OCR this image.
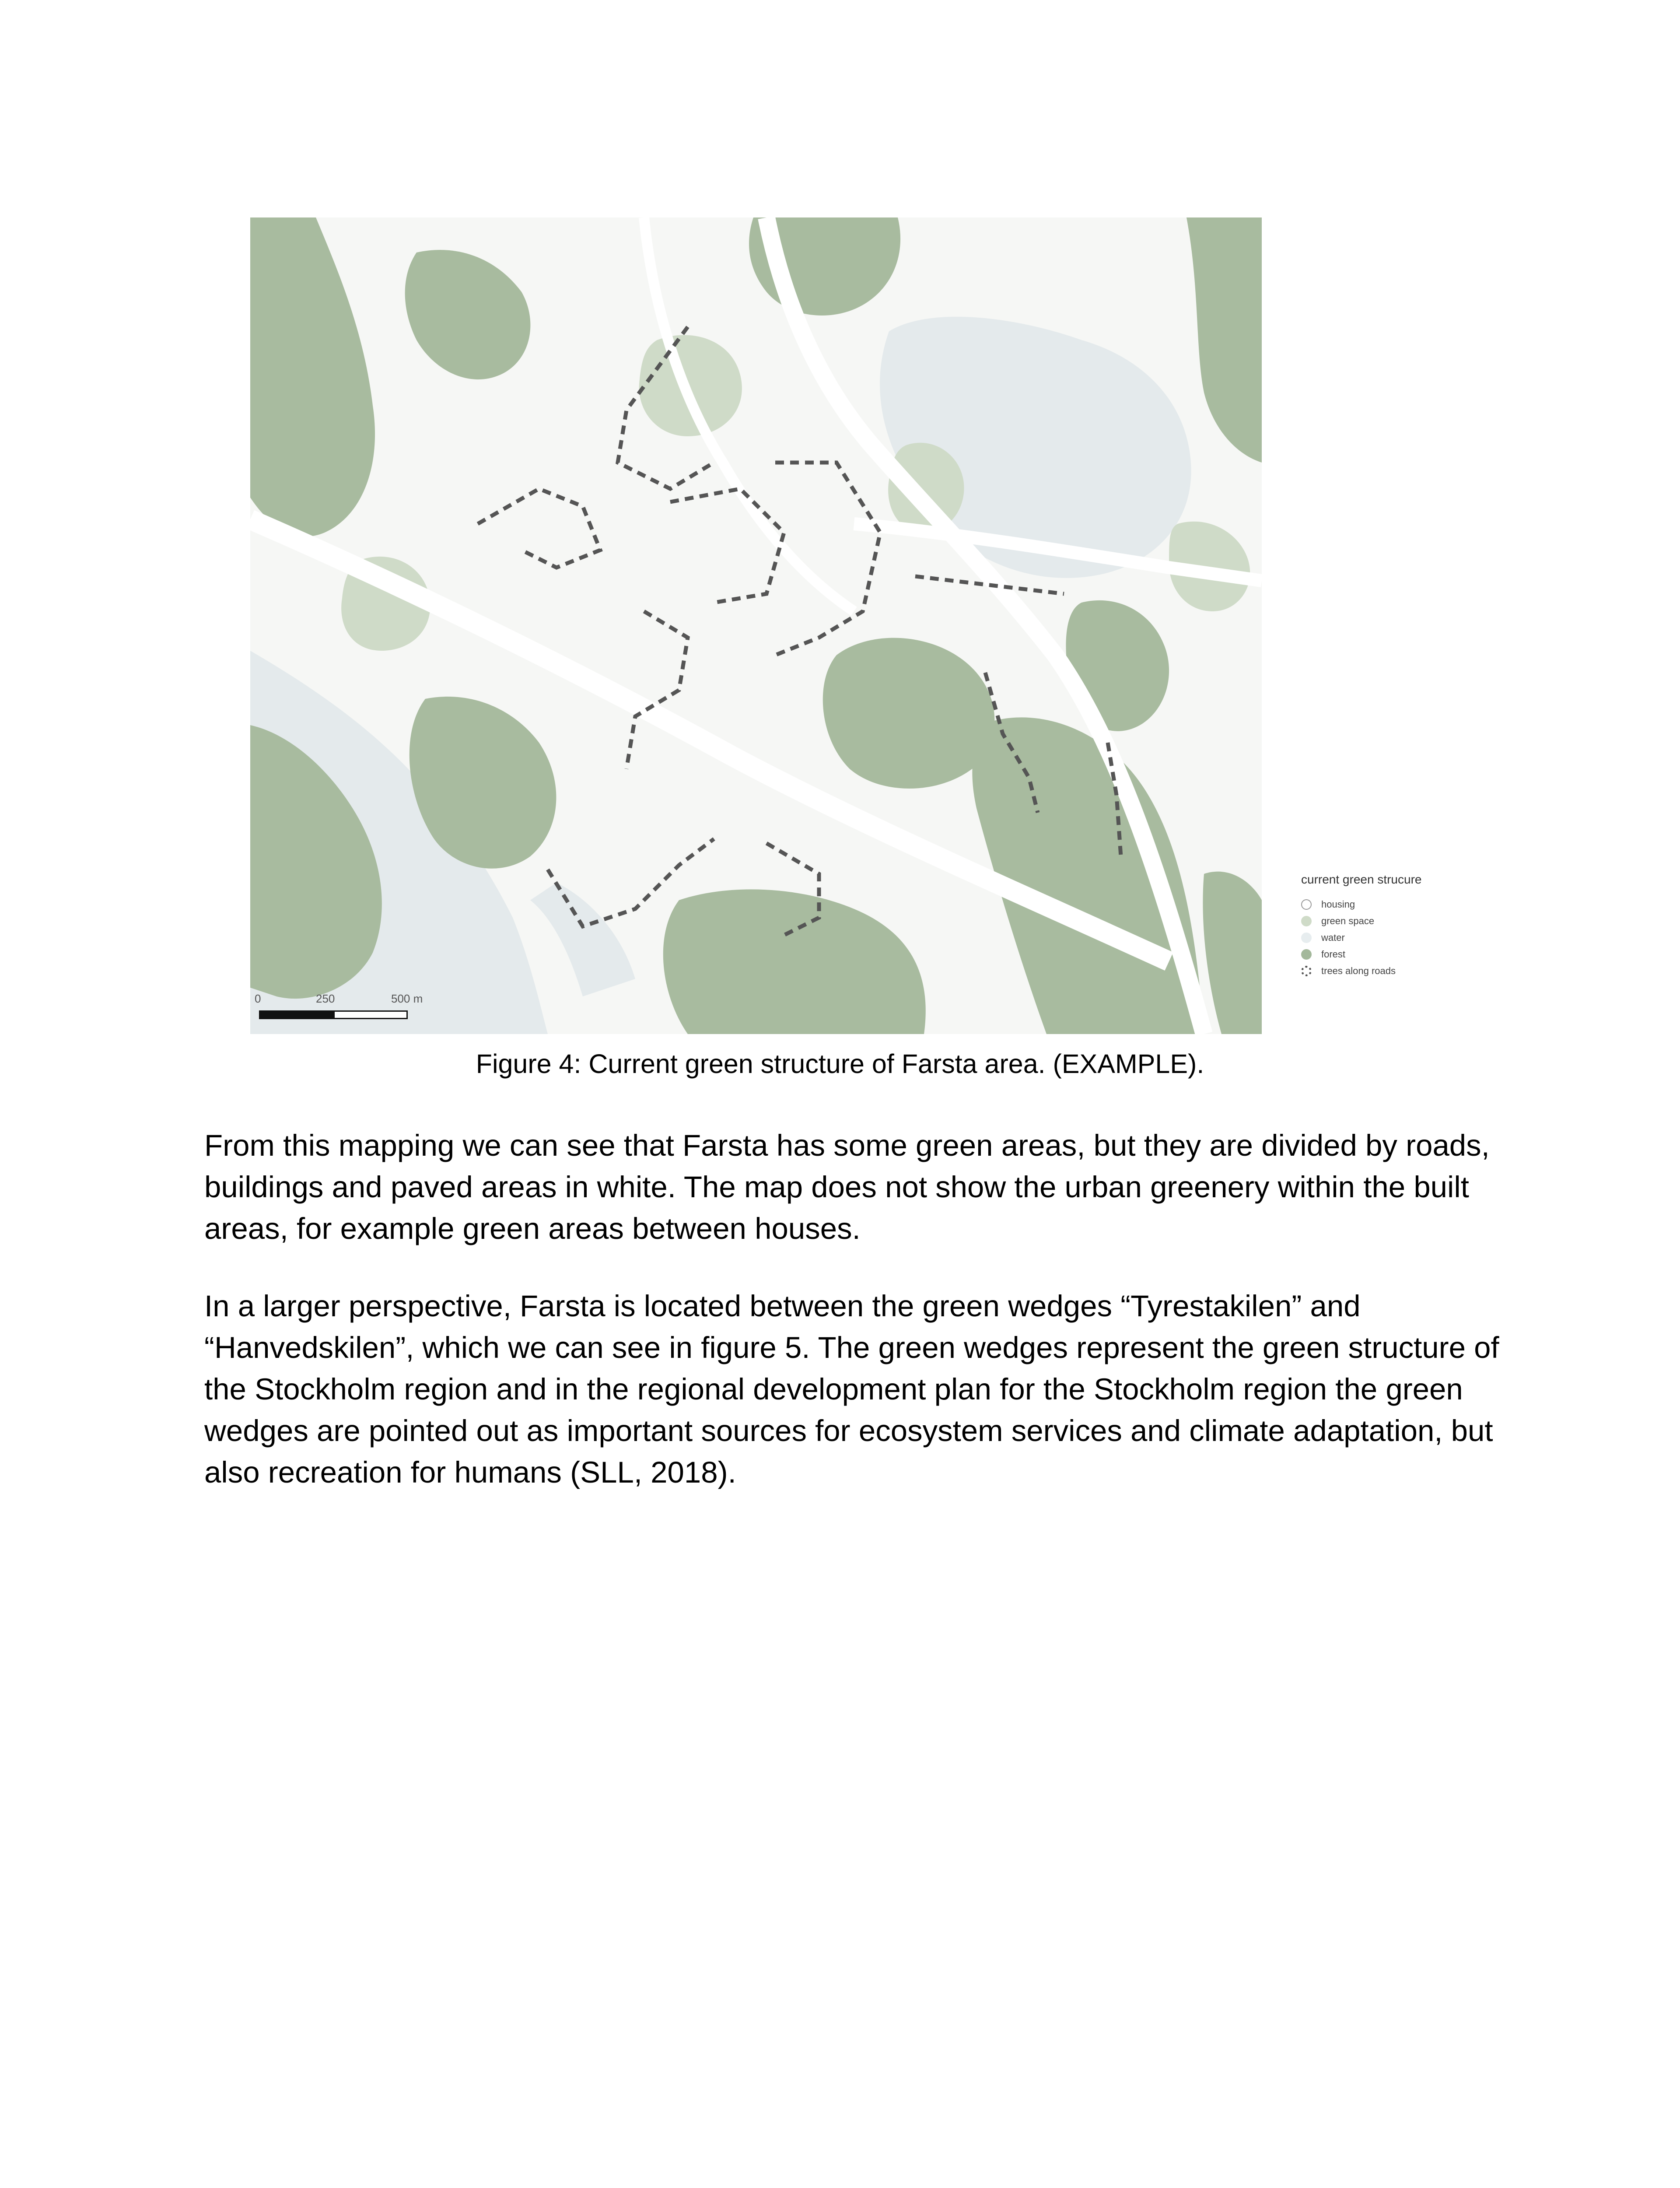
0	250	500 m
current green strucure
housing
green space
water
forest
trees along roads
Figure 4: Current green structure of Farsta area. (EXAMPLE).

From this mapping we can see that Farsta has some green areas, but they are divided by roads, buildings and paved areas in white. The map does not show the urban greenery within the built areas, for example green areas between houses.

In a larger perspective, Farsta is located between the green wedges “Tyrestakilen” and “Hanvedskilen”, which we can see in figure 5. The green wedges represent the green structure of the Stockholm region and in the regional development plan for the Stockholm region the green wedges are pointed out as important sources for ecosystem services and climate adaptation, but also recreation for humans (SLL, 2018).
